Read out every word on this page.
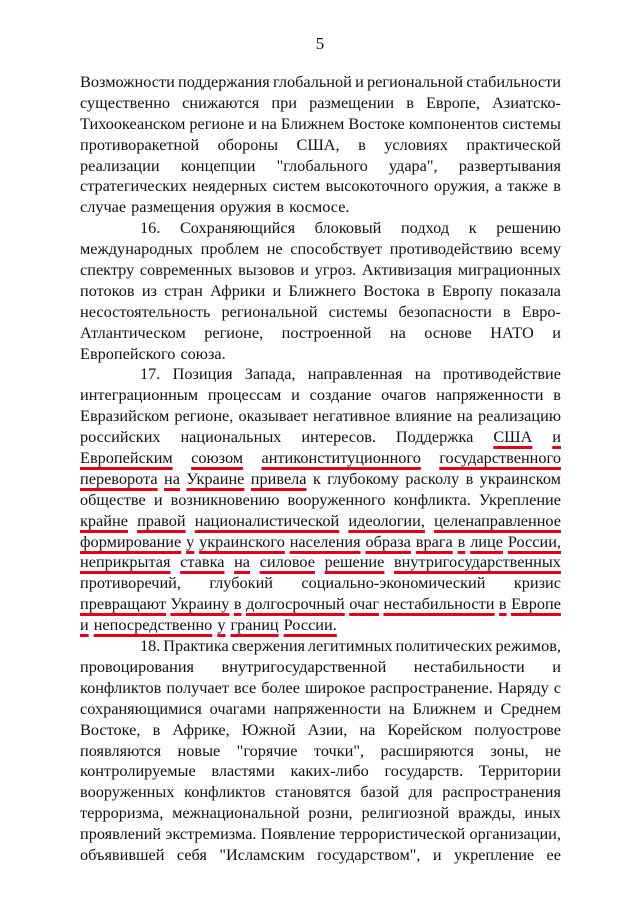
5
Возможности поддержания глобальной и региональной стабильности
существенно снижаются при размещении в Европе, Азиатско-
Тихоокеанском регионе и на Ближнем Востоке компонентов системы
противоракетной обороны США, в условиях практической
реализации концепции "глобального удара", развертывания
стратегических неядерных систем высокоточного оружия, а также в
случае размещения оружия в космосе.
16. Сохраняющийся блоковый подход к решению
международных проблем не способствует противодействию всему
спектру современных вызовов и угроз. Активизация миграционных
потоков из стран Африки и Ближнего Востока в Европу показала
несостоятельность региональной системы безопасности в Евро-
Атлантическом регионе, построенной на основе НАТО и
Европейского союза.
17. Позиция Запада, направленная на противодействие
интеграционным процессам и создание очагов напряженности в
Евразийском регионе, оказывает негативное влияние на реализацию
российских национальных интересов. Поддержка США и
Европейским союзом антиконституционного государственного
переворота на Украине привела к глубокому расколу в украинском
обществе и возникновению вооруженного конфликта. Укрепление
крайне правой националистической идеологии, целенаправленное
формирование у украинского населения образа врага в лице России,
неприкрытая ставка на силовое решение внутригосударственных
противоречий, глубокий социально-экономический кризис
превращают Украину в долгосрочный очаг нестабильности в Европе
и непосредственно у границ России.
18. Практика свержения легитимных политических режимов,
провоцирования внутригосударственной нестабильности и
конфликтов получает все более широкое распространение. Наряду с
сохраняющимися очагами напряженности на Ближнем и Среднем
Востоке, в Африке, Южной Азии, на Корейском полуострове
появляются новые "горячие точки", расширяются зоны, не
контролируемые властями каких-либо государств. Территории
вооруженных конфликтов становятся базой для распространения
терроризма, межнациональной розни, религиозной вражды, иных
проявлений экстремизма. Появление террористической организации,
объявившей себя "Исламским государством", и укрепление ее
